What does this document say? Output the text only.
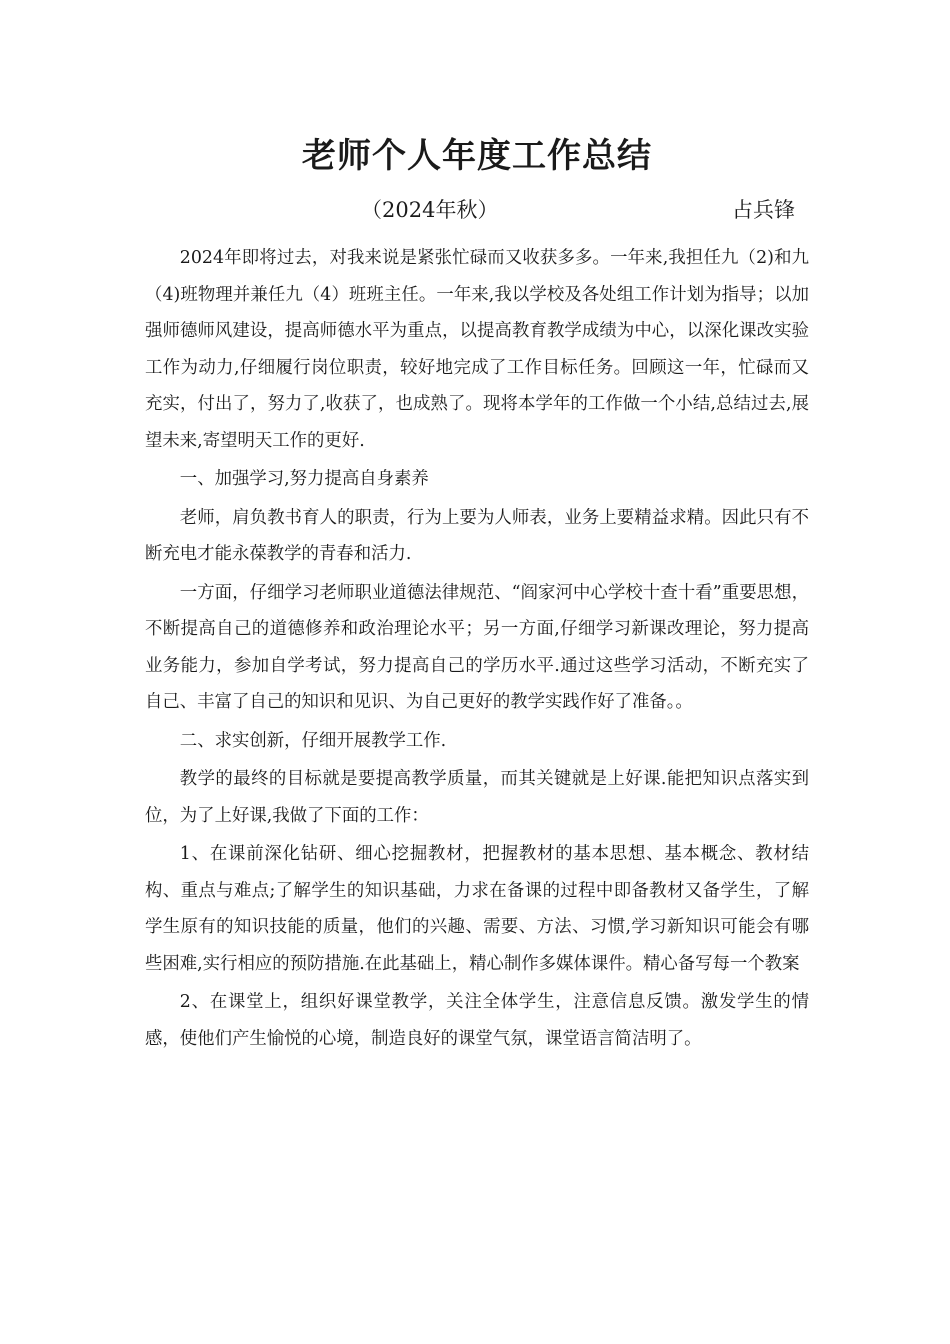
老师个人年度工作总结
（2024年秋）	占兵锋

2024年即将过去，对我来说是紧张忙碌而又收获多多。一年来,我担任九（2)和九（4)班物理并兼任九（4）班班主任。一年来,我以学校及各处组工作计划为指导；以加强师德师风建设，提高师德水平为重点，以提高教育教学成绩为中心，以深化课改实验工作为动力,仔细履行岗位职责，较好地完成了工作目标任务。回顾这一年，忙碌而又充实，付出了，努力了,收获了，也成熟了。现将本学年的工作做一个小结,总结过去,展望未来,寄望明天工作的更好.

一、加强学习,努力提高自身素养

老师，肩负教书育人的职责，行为上要为人师表，业务上要精益求精。因此只有不断充电才能永葆教学的青春和活力.

一方面，仔细学习老师职业道德法律规范、“阎家河中心学校十查十看”重要思想，不断提高自己的道德修养和政治理论水平；另一方面,仔细学习新课改理论，努力提高业务能力，参加自学考试，努力提高自己的学历水平.通过这些学习活动，不断充实了自己、丰富了自己的知识和见识、为自己更好的教学实践作好了准备。。

二、求实创新，仔细开展教学工作.

教学的最终的目标就是要提高教学质量，而其关键就是上好课.能把知识点落实到位，为了上好课,我做了下面的工作：

1、在课前深化钻研、细心挖掘教材，把握教材的基本思想、基本概念、教材结构、重点与难点;了解学生的知识基础，力求在备课的过程中即备教材又备学生，了解学生原有的知识技能的质量，他们的兴趣、需要、方法、习惯,学习新知识可能会有哪些困难,实行相应的预防措施.在此基础上，精心制作多媒体课件。精心备写每一个教案

2、在课堂上，组织好课堂教学，关注全体学生，注意信息反馈。激发学生的情感，使他们产生愉悦的心境，制造良好的课堂气氛，课堂语言简洁明了。
